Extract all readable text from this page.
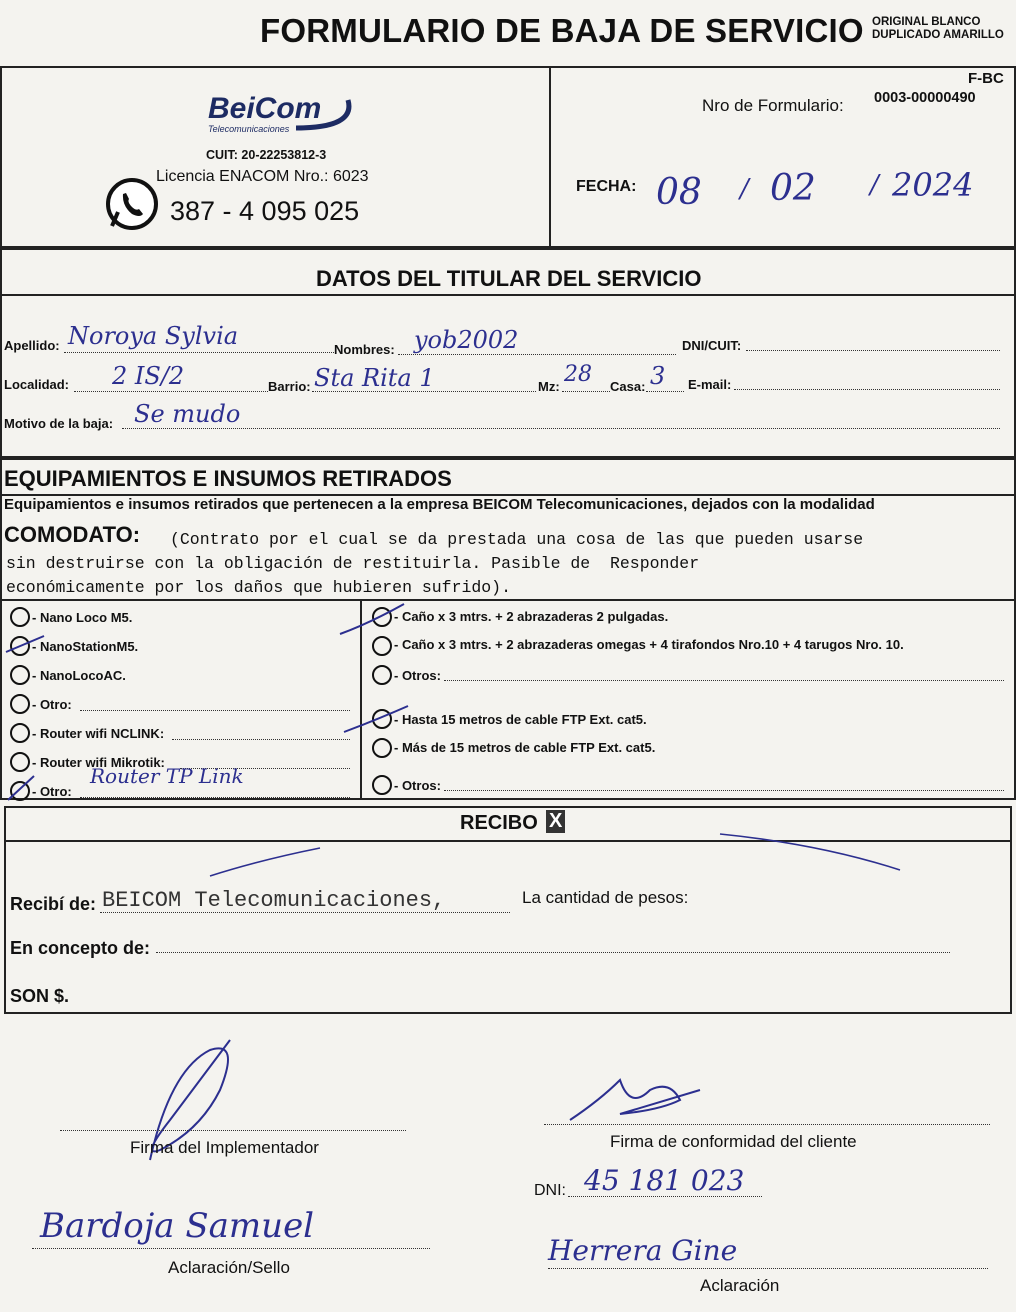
FORMULARIO DE BAJA DE SERVICIO ORIGINAL BLANCO
DUPLICADO AMARILLO
BeiCom
Telecomunicaciones
CUIT: 20-22253812-3
Licencia ENACOM Nro.: 6023
387 - 4 095 025
F-BC
Nro de Formulario: 0003-00000490
FECHA: 08 / 02 / 2024
DATOS DEL TITULAR DEL SERVICIO
Apellido: Noroya Sylvia	Nombres: yob2002	DNI/CUIT:
Localidad: 2 IS/2	Barrio: Sta Rita 1	Mz: 28 Casa: 3 E-mail:
Motivo de la baja: Se mudo
EQUIPAMIENTOS E INSUMOS RETIRADOS
Equipamientos e insumos retirados que pertenecen a la empresa BEICOM Telecomunicaciones, dejados con la modalidad
COMODATO: (Contrato por el cual se da prestada una cosa de las que pueden usarse
sin destruirse con la obligación de restituirla. Pasible de  Responder
económicamente por los daños que hubieren sufrido).
- Nano Loco M5.
- NanoStationM5.
- NanoLocoAC.
- Otro:
- Router wifi NCLINK:
- Router wifi Mikrotik:
- Otro:
Router TP Link
- Caño x 3 mtrs. + 2 abrazaderas 2 pulgadas.
- Caño x 3 mtrs. + 2 abrazaderas omegas + 4 tirafondos Nro.10 + 4 tarugos Nro. 10.
- Otros:
- Hasta 15 metros de cable FTP Ext. cat5.
- Más de 15 metros de cable FTP Ext. cat5.
- Otros:
RECIBO X
Recibí de: BEICOM Telecomunicaciones,	La cantidad de pesos:
En concepto de:
SON $.
Firma del Implementador	Firma de conformidad del cliente
DNI: 45 181 023
Bardoja Samuel
Aclaración/Sello
Herrera Gine
Aclaración
